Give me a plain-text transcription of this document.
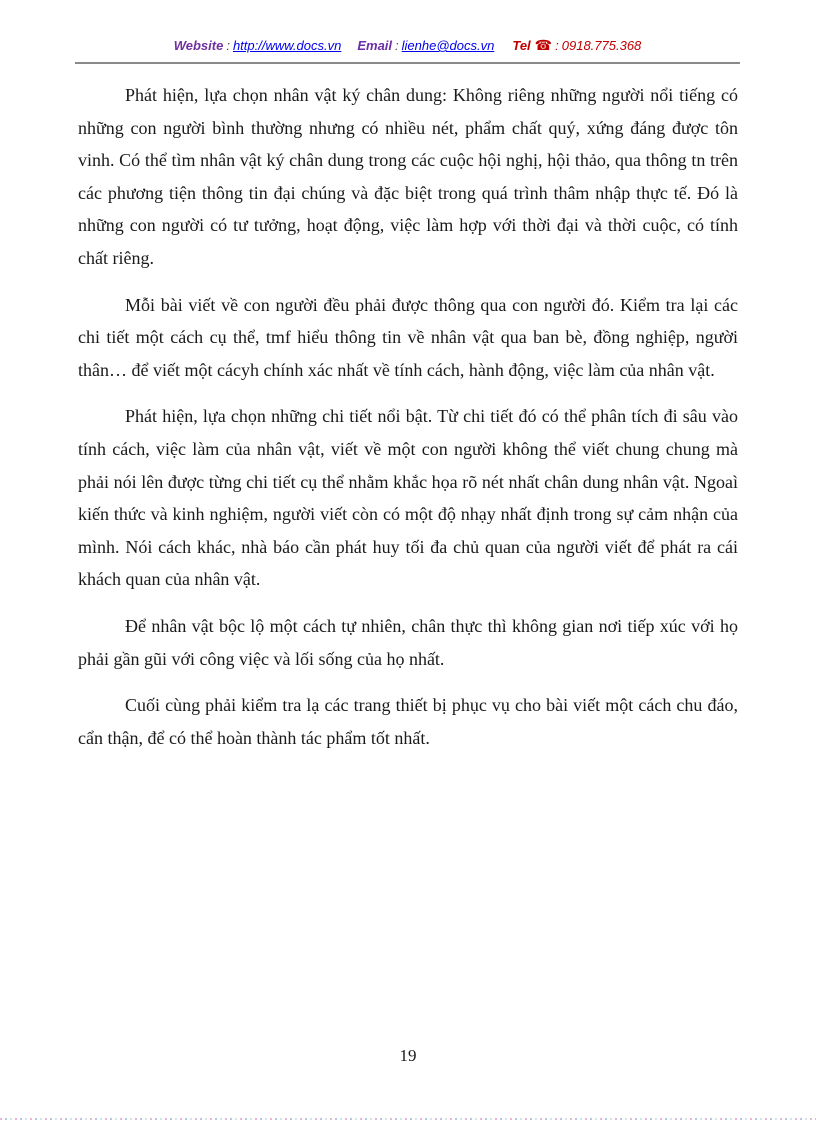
Website : http://www.docs.vn Email : lienhe@docs.vn Tel ☎ : 0918.775.368

Phát hiện, lựa chọn nhân vật ký chân dung: Không riêng những người nổi tiếng có những con người bình thường nhưng có nhiều nét, phẩm chất quý, xứng đáng được tôn vinh. Có thể tìm nhân vật ký chân dung trong các cuộc hội nghị, hội thảo, qua thông tn trên các phương tiện thông tin đại chúng và đặc biệt trong quá trình thâm nhập thực tế. Đó là những con người có tư tưởng, hoạt động, việc làm hợp với thời đại và thời cuộc, có tính chất riêng.

Mỗi bài viết về con người đều phải được thông qua con người đó. Kiểm tra lại các chi tiết một cách cụ thể, tmf hiểu thông tin về nhân vật qua ban bè, đồng nghiệp, người thân… để viết một cácyh chính xác nhất về tính cách, hành động, việc làm của nhân vật.

Phát hiện, lựa chọn những chi tiết nổi bật. Từ chi tiết đó có thể phân tích đi sâu vào tính cách, việc làm của nhân vật, viết về một con người không thể viết chung chung mà phải nói lên được từng chi tiết cụ thể nhằm khắc họa rõ nét nhất chân dung nhân vật. Ngoaì kiến thức và kinh nghiệm, người viết còn có một độ nhạy nhất định trong sự cảm nhận của mình. Nói cách khác, nhà báo cần phát huy tối đa chủ quan của người viết để phát ra cái khách quan của nhân vật.

Để nhân vật bộc lộ một cách tự nhiên, chân thực thì không gian nơi tiếp xúc với họ phải gần gũi với công việc và lối sống của họ nhất.

Cuối cùng phải kiểm tra lạ các trang thiết bị phục vụ cho bài viết một cách chu đáo, cẩn thận, để có thể hoàn thành tác phẩm tốt nhất.

19
